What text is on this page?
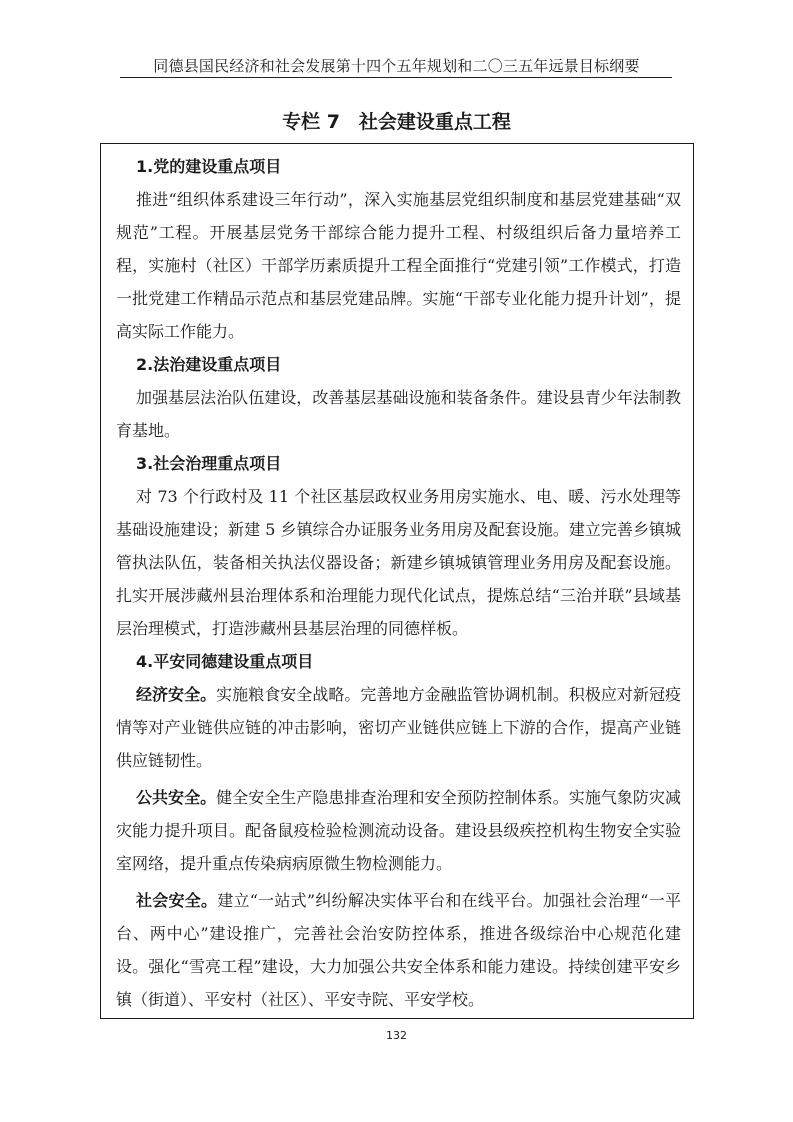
同德县国民经济和社会发展第十四个五年规划和二〇三五年远景目标纲要
专栏 7　社会建设重点工程
1.党的建设重点项目

推进“组织体系建设三年行动”，深入实施基层党组织制度和基层党建基础“双规范”工程。开展基层党务干部综合能力提升工程、村级组织后备力量培养工程，实施村（社区）干部学历素质提升工程全面推行“党建引领”工作模式，打造一批党建工作精品示范点和基层党建品牌。实施“干部专业化能力提升计划”，提高实际工作能力。

2.法治建设重点项目

加强基层法治队伍建设，改善基层基础设施和装备条件。建设县青少年法制教育基地。

3.社会治理重点项目

对 73 个行政村及 11 个社区基层政权业务用房实施水、电、暖、污水处理等基础设施建设；新建 5 乡镇综合办证服务业务用房及配套设施。建立完善乡镇城管执法队伍，装备相关执法仪器设备；新建乡镇城镇管理业务用房及配套设施。扎实开展涉藏州县治理体系和治理能力现代化试点，提炼总结“三治并联”县域基层治理模式，打造涉藏州县基层治理的同德样板。

4.平安同德建设重点项目

经济安全。实施粮食安全战略。完善地方金融监管协调机制。积极应对新冠疫情等对产业链供应链的冲击影响，密切产业链供应链上下游的合作，提高产业链供应链韧性。

公共安全。健全安全生产隐患排查治理和安全预防控制体系。实施气象防灾减灾能力提升项目。配备鼠疫检验检测流动设备。建设县级疾控机构生物安全实验室网络，提升重点传染病病原微生物检测能力。

社会安全。建立“一站式”纠纷解决实体平台和在线平台。加强社会治理“一平台、两中心”建设推广，完善社会治安防控体系，推进各级综治中心规范化建设。强化“雪亮工程”建设，大力加强公共安全体系和能力建设。持续创建平安乡镇（街道）、平安村（社区）、平安寺院、平安学校。

132
